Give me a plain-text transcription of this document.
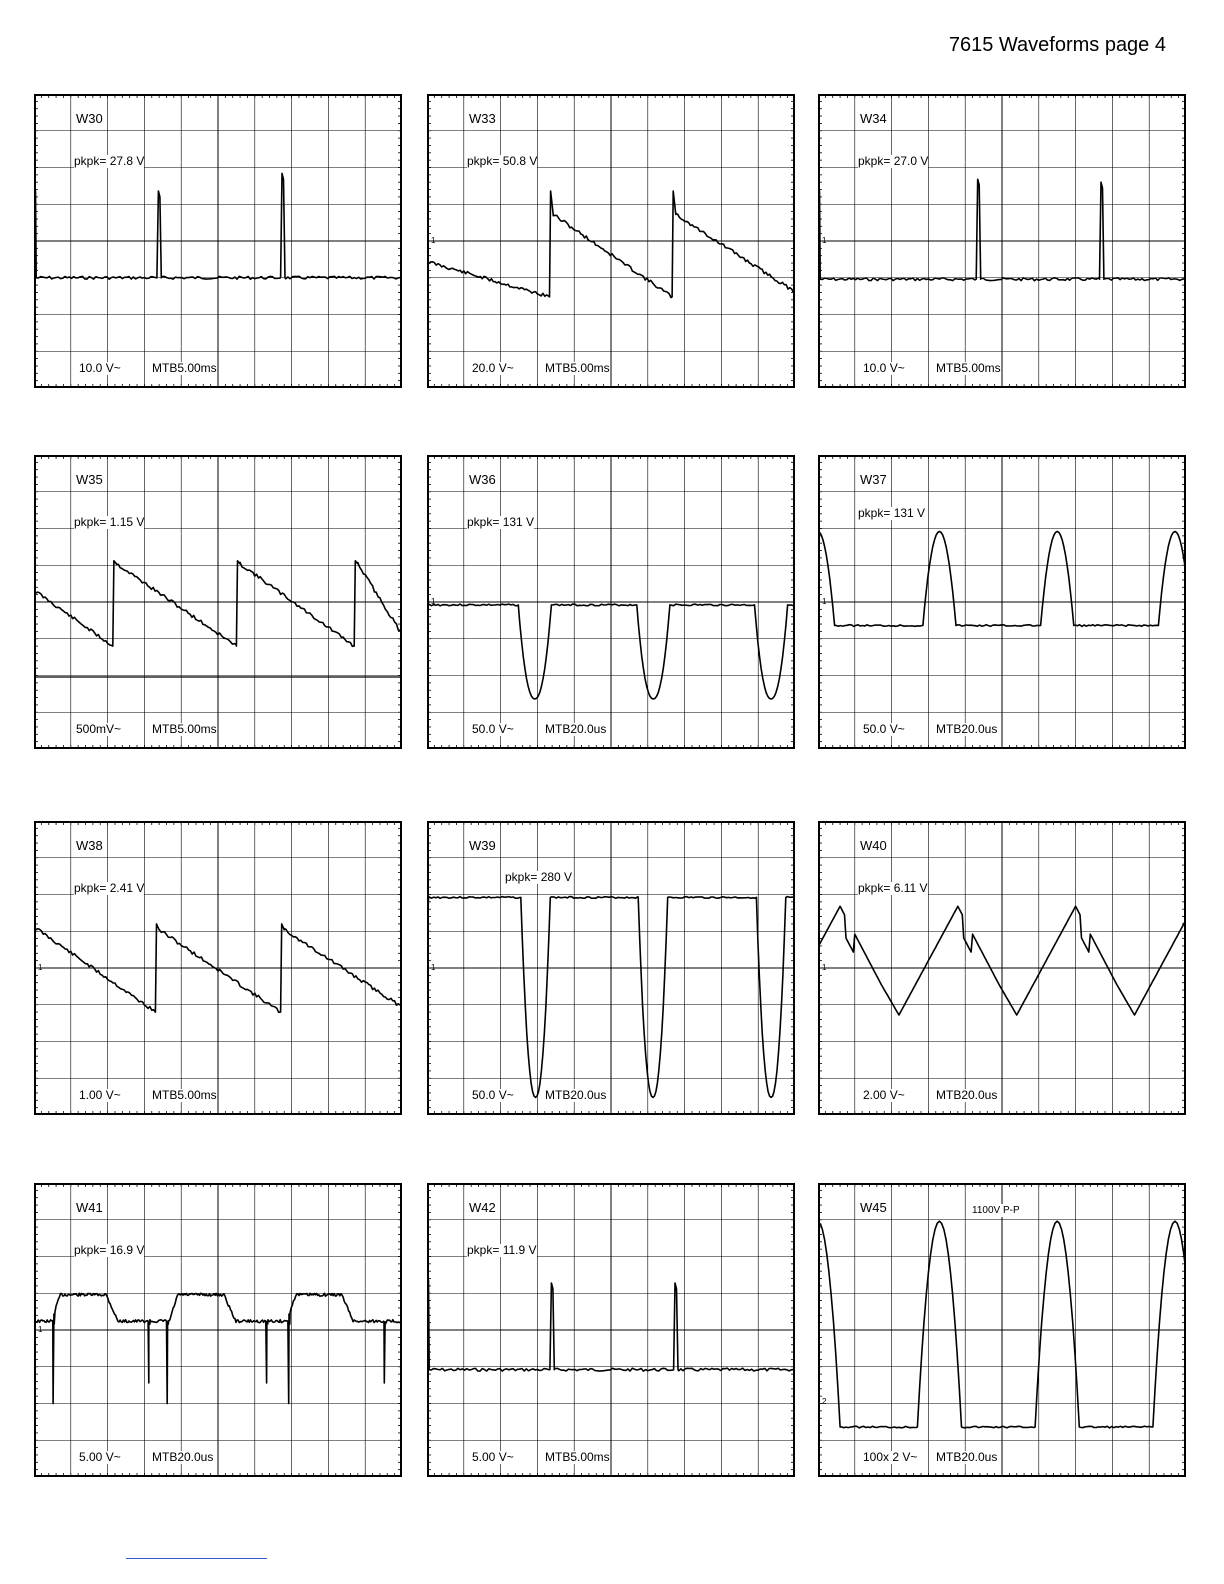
7615 Waveforms page 4
W30
pkpk= 27.8 V
10.0 V~	MTB5.00ms
W33
pkpk= 50.8 V
20.0 V~	MTB5.00ms
1
W34
pkpk= 27.0 V
10.0 V~	MTB5.00ms
1
W35
pkpk= 1.15 V
500mV~	MTB5.00ms
W36
pkpk= 131 V
50.0 V~	MTB20.0us
1
W37
pkpk= 131 V
50.0 V~	MTB20.0us
1
W38
pkpk= 2.41 V
1.00 V~	MTB5.00ms
1
W39
pkpk= 280 V
50.0 V~	MTB20.0us
1
W40
pkpk= 6.11 V
2.00 V~	MTB20.0us
1
W41
pkpk= 16.9 V
5.00 V~	MTB20.0us
1
W42
pkpk= 11.9 V
5.00 V~	MTB5.00ms
W45	1100V P-P
100x 2 V~ MTB20.0us
2
